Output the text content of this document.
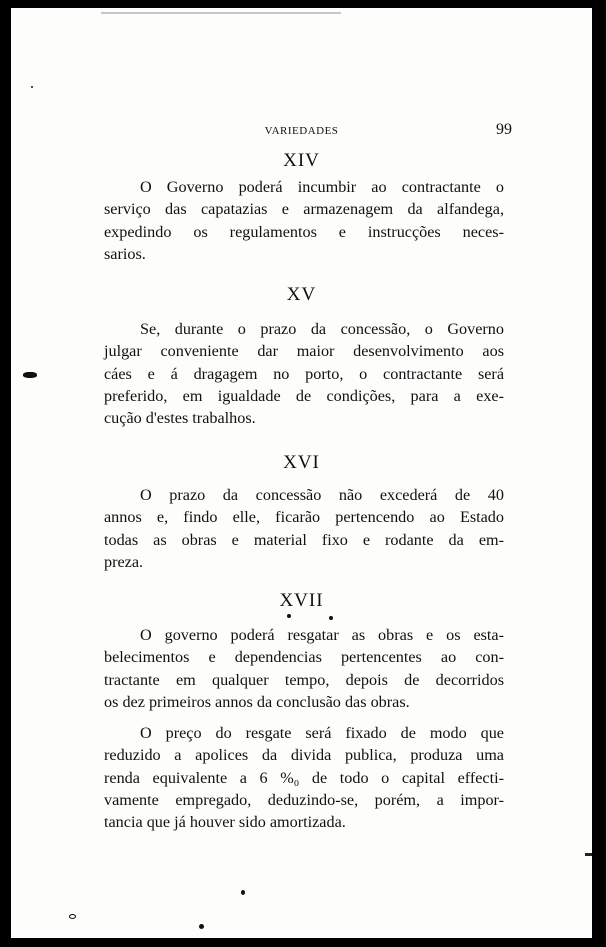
VARIEDADES	99
XIV

O Governo poderá incumbir ao contractante o
serviço das capatazias e armazenagem da alfandega,
expedindo os regulamentos e instrucções neces-
sarios.

XV

Se, durante o prazo da concessão, o Governo
julgar conveniente dar maior desenvolvimento aos
cáes e á dragagem no porto, o contractante será
preferido, em igualdade de condições, para a exe-
cução d'estes trabalhos.

XVI

O prazo da concessão não excederá de 40
annos e, findo elle, ficarão pertencendo ao Estado
todas as obras e material fixo e rodante da em-
preza.

XVII

O governo poderá resgatar as obras e os esta-
belecimentos e dependencias pertencentes ao con-
tractante em qualquer tempo, depois de decorridos
os dez primeiros annos da conclusão das obras.

O preço do resgate será fixado de modo que
reduzido a apolices da divida publica, produza uma
renda equivalente a 6 %₀ de todo o capital effecti-
vamente empregado, deduzindo-se, porém, a impor-
tancia que já houver sido amortizada.
